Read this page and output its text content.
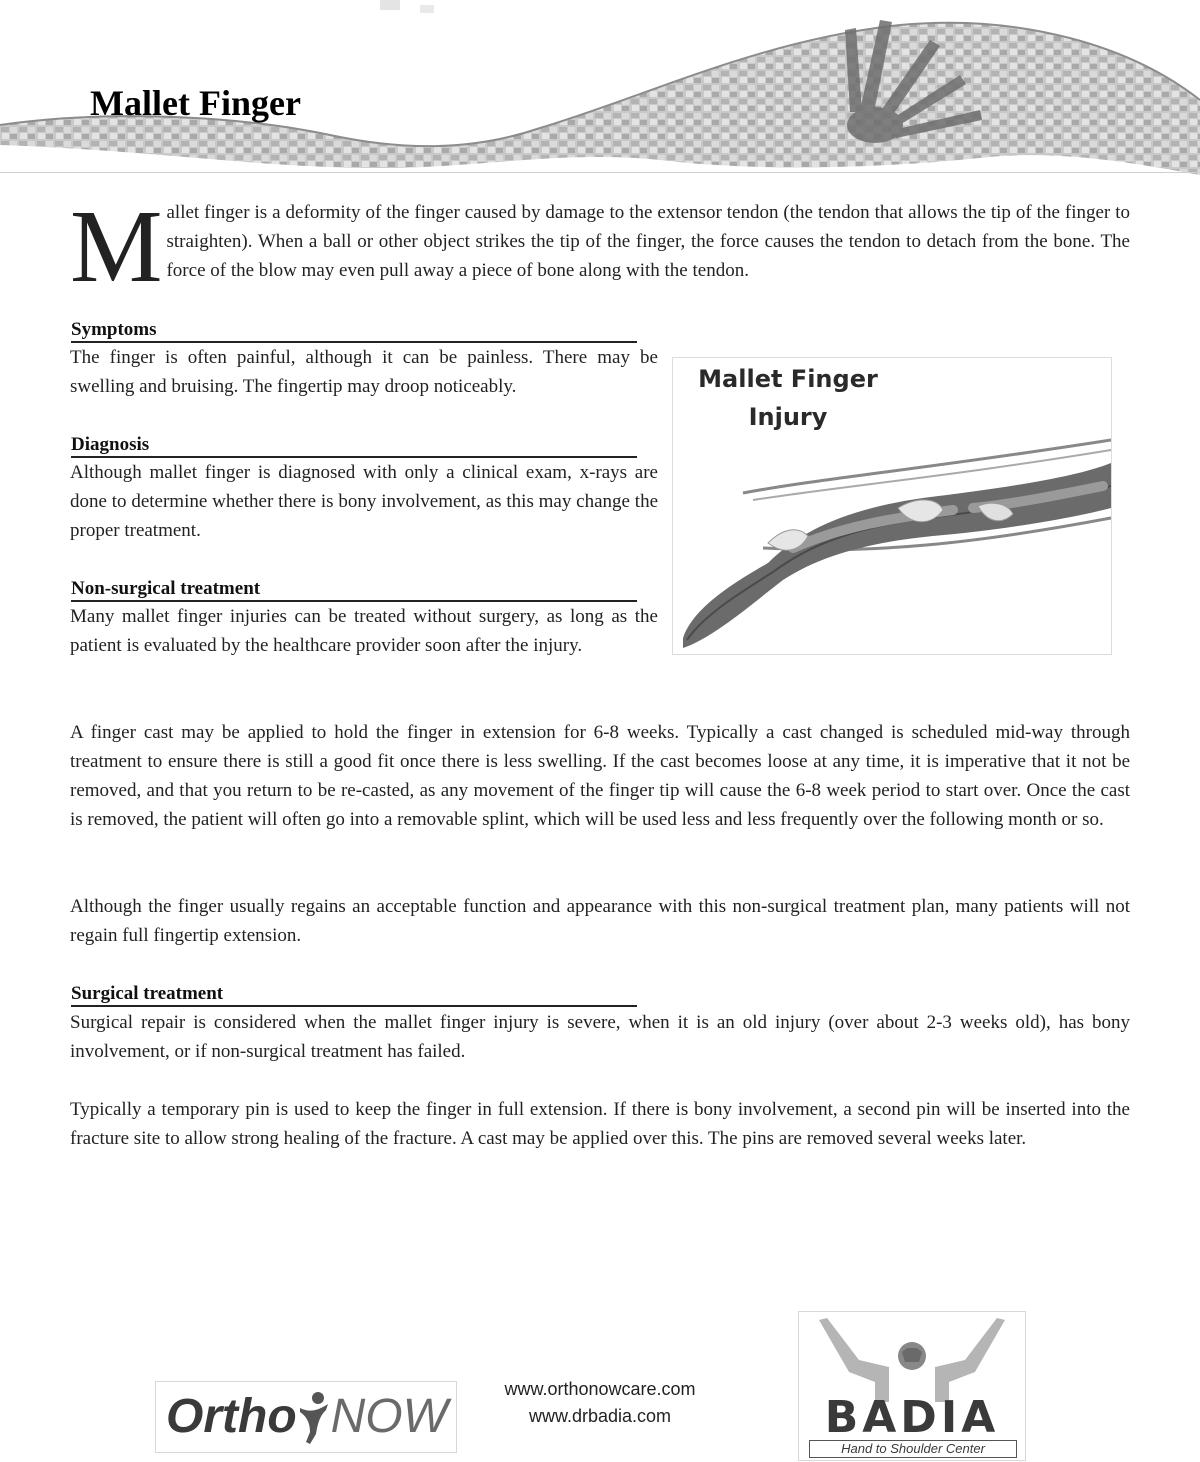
Mallet Finger
Mallet finger is a deformity of the finger caused by damage to the extensor tendon (the tendon that allows the tip of the finger to straighten). When a ball or other object strikes the tip of the finger, the force causes the tendon to detach from the bone. The force of the blow may even pull away a piece of bone along with the tendon.
Symptoms

The finger is often painful, although it can be painless. There may be swelling and bruising. The fingertip may droop noticeably.

Diagnosis

Although mallet finger is diagnosed with only a clinical exam, x-rays are done to determine whether there is bony involvement, as this may change the proper treatment.

Non-surgical treatment

Many mallet finger injuries can be treated without surgery, as long as the patient is evaluated by the healthcare provider soon after the injury.

A finger cast may be applied to hold the finger in extension for 6-8 weeks. Typically a cast changed is scheduled mid-way through treatment to ensure there is still a good fit once there is less swelling. If the cast becomes loose at any time, it is imperative that it not be removed, and that you return to be re-casted, as any movement of the finger tip will cause the 6-8 week period to start over. Once the cast is removed, the patient will often go into a removable splint, which will be used less and less frequently over the following month or so.

Although the finger usually regains an acceptable function and appearance with this non-surgical treatment plan, many patients will not regain full fingertip extension.

Surgical treatment

Surgical repair is considered when the mallet finger injury is severe, when it is an old injury (over about 2-3 weeks old), has bony involvement, or if non-surgical treatment has failed.

Typically a temporary pin is used to keep the finger in full extension. If there is bony involvement, a second pin will be inserted into the fracture site to allow strong healing of the fracture. A cast may be applied over this. The pins are removed several weeks later.

Mallet Finger
Injury
Ortho NOW
www.orthonowcare.com
www.drbadia.com	BADIA
Hand to Shoulder Center
